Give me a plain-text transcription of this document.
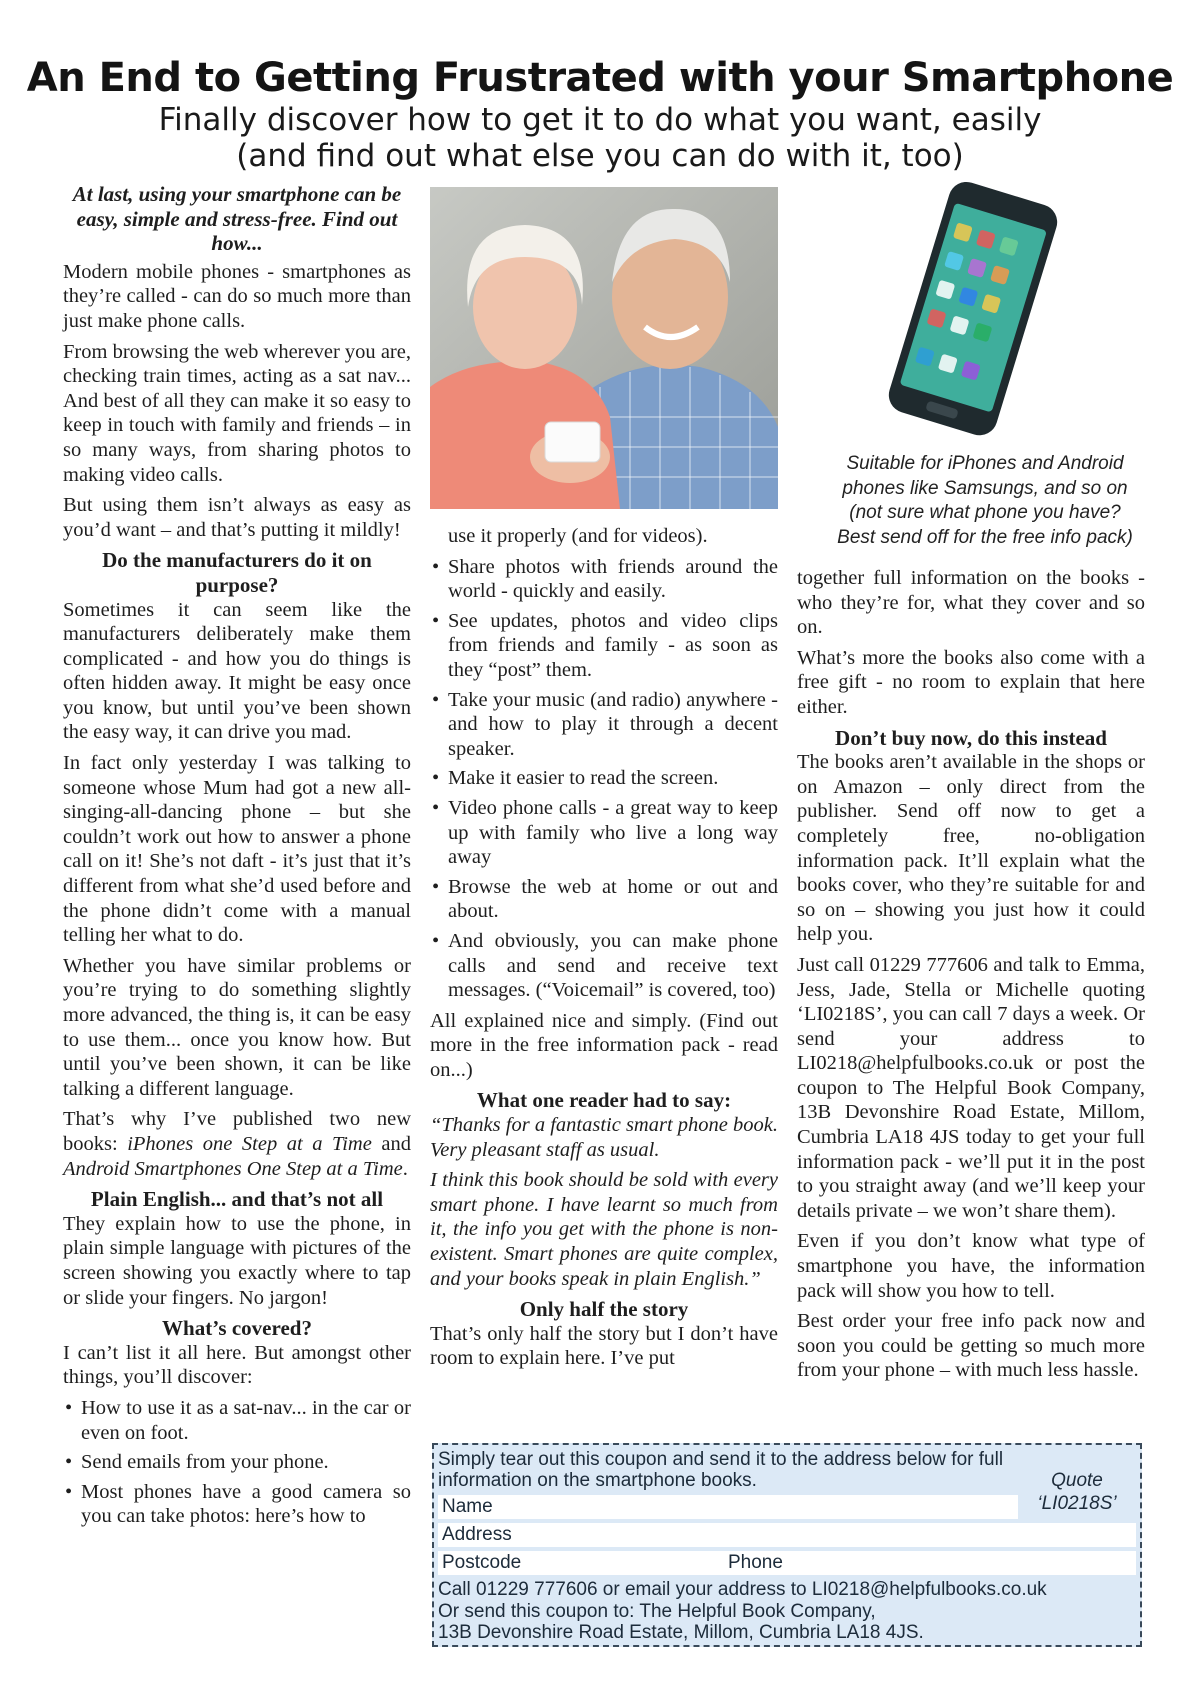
An End to Getting Frustrated with your Smartphone

Finally discover how to get it to do what you want, easily

(and find out what else you can do with it, too)

At last, using your smartphone can be easy, simple and stress-free. Find out how...

Modern mobile phones - smartphones as they’re called - can do so much more than just make phone calls.

From browsing the web wherever you are, checking train times, acting as a sat nav... And best of all they can make it so easy to keep in touch with family and friends – in so many ways, from sharing photos to making video calls.

But using them isn’t always as easy as you’d want – and that’s putting it mildly!

Do the manufacturers do it on purpose?

Sometimes it can seem like the manufacturers deliberately make them complicated - and how you do things is often hidden away. It might be easy once you know, but until you’ve been shown the easy way, it can drive you mad.

In fact only yesterday I was talking to someone whose Mum had got a new all-singing-all-dancing phone – but she couldn’t work out how to answer a phone call on it! She’s not daft - it’s just that it’s different from what she’d used before and the phone didn’t come with a manual telling her what to do.

Whether you have similar problems or you’re trying to do something slightly more advanced, the thing is, it can be easy to use them... once you know how. But until you’ve been shown, it can be like talking a different language.

That’s why I’ve published two new books: iPhones one Step at a Time and Android Smartphones One Step at a Time.

Plain English... and that’s not all

They explain how to use the phone, in plain simple language with pictures of the screen showing you exactly where to tap or slide your fingers. No jargon!

What’s covered?

I can’t list it all here. But amongst other things, you’ll discover:

• How to use it as a sat-nav... in the car or even on foot.
• Send emails from your phone.
• Most phones have a good camera so you can take photos: here’s how to
Suitable for iPhones and Android
phones like Samsungs, and so on
(not sure what phone you have?
Best send off for the free info pack)

use it properly (and for videos).

• Share photos with friends around the world - quickly and easily.
• See updates, photos and video clips from friends and family - as soon as they “post” them.
• Take your music (and radio) anywhere - and how to play it through a decent speaker.
• Make it easier to read the screen.
• Video phone calls - a great way to keep up with family who live a long way away
• Browse the web at home or out and about.
• And obviously, you can make phone calls and send and receive text messages. (“Voicemail” is covered, too)

All explained nice and simply. (Find out more in the free information pack - read on...)

What one reader had to say:

“Thanks for a fantastic smart phone book. Very pleasant staff as usual.

I think this book should be sold with every smart phone. I have learnt so much from it, the info you get with the phone is non-existent. Smart phones are quite complex, and your books speak in plain English.”

Only half the story

That’s only half the story but I don’t have room to explain here. I’ve put

together full information on the books - who they’re for, what they cover and so on.

What’s more the books also come with a free gift - no room to explain that here either.

Don’t buy now, do this instead

The books aren’t available in the shops or on Amazon – only direct from the publisher. Send off now to get a completely free, no-obligation information pack. It’ll explain what the books cover, who they’re suitable for and so on – showing you just how it could help you.

Just call 01229 777606 and talk to Emma, Jess, Jade, Stella or Michelle quoting ‘LI0218S’, you can call 7 days a week. Or send your address to LI0218@helpfulbooks.co.uk or post the coupon to The Helpful Book Company, 13B Devonshire Road Estate, Millom, Cumbria LA18 4JS today to get your full information pack - we’ll put it in the post to you straight away (and we’ll keep your details private – we won’t share them).

Even if you don’t know what type of smartphone you have, the information pack will show you how to tell.

Best order your free info pack now and soon you could be getting so much more from your phone – with much less hassle.

Simply tear out this coupon and send it to the address below for full
information on the smartphone books.	Quote
‘LI0218S’
Name
Address
Postcode	Phone
Call 01229 777606 or email your address to LI0218@helpfulbooks.co.uk
Or send this coupon to: The Helpful Book Company,
13B Devonshire Road Estate, Millom, Cumbria LA18 4JS.
